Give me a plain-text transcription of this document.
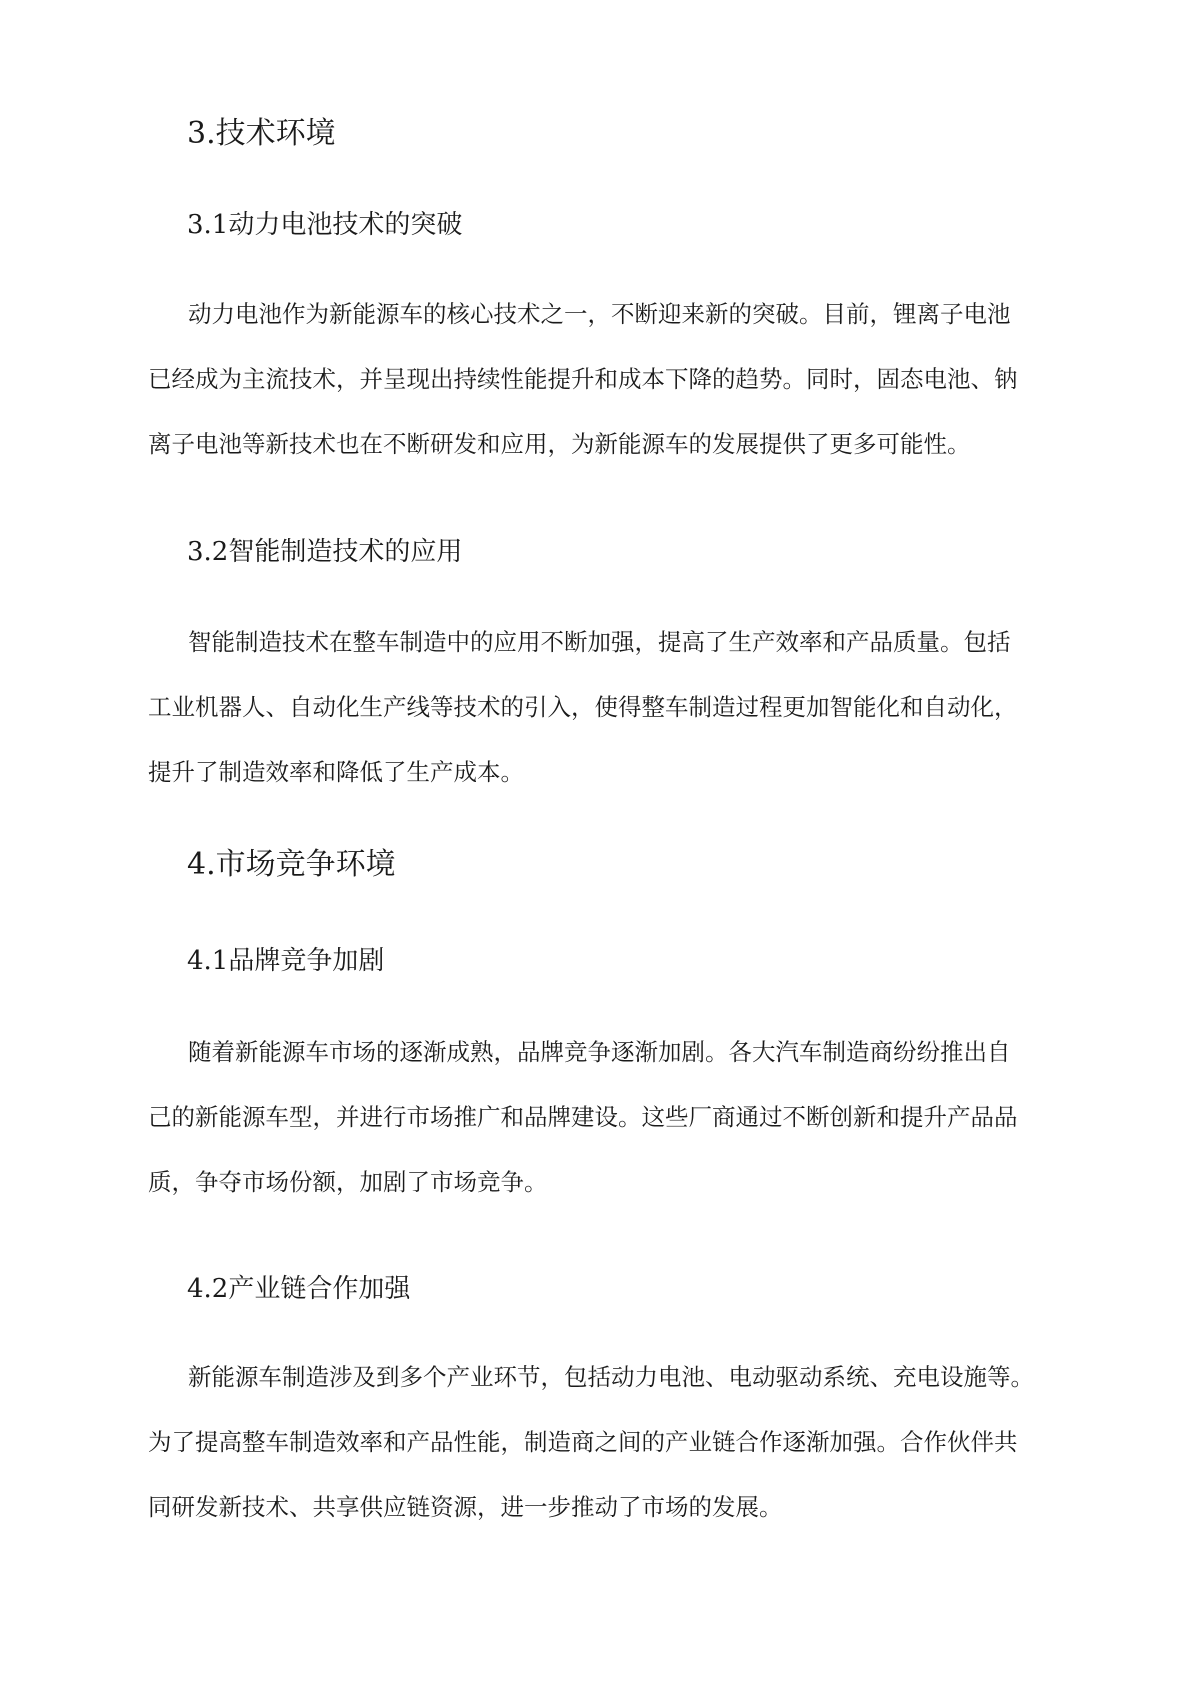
3.技术环境
3.1动力电池技术的突破
动力电池作为新能源车的核心技术之一，不断迎来新的突破。目前，锂离子电池
已经成为主流技术，并呈现出持续性能提升和成本下降的趋势。同时，固态电池、钠
离子电池等新技术也在不断研发和应用，为新能源车的发展提供了更多可能性。
3.2智能制造技术的应用
智能制造技术在整车制造中的应用不断加强，提高了生产效率和产品质量。包括
工业机器人、自动化生产线等技术的引入，使得整车制造过程更加智能化和自动化，
提升了制造效率和降低了生产成本。
4.市场竞争环境
4.1品牌竞争加剧
随着新能源车市场的逐渐成熟，品牌竞争逐渐加剧。各大汽车制造商纷纷推出自
己的新能源车型，并进行市场推广和品牌建设。这些厂商通过不断创新和提升产品品
质，争夺市场份额，加剧了市场竞争。
4.2产业链合作加强
新能源车制造涉及到多个产业环节，包括动力电池、电动驱动系统、充电设施等。
为了提高整车制造效率和产品性能，制造商之间的产业链合作逐渐加强。合作伙伴共
同研发新技术、共享供应链资源，进一步推动了市场的发展。
